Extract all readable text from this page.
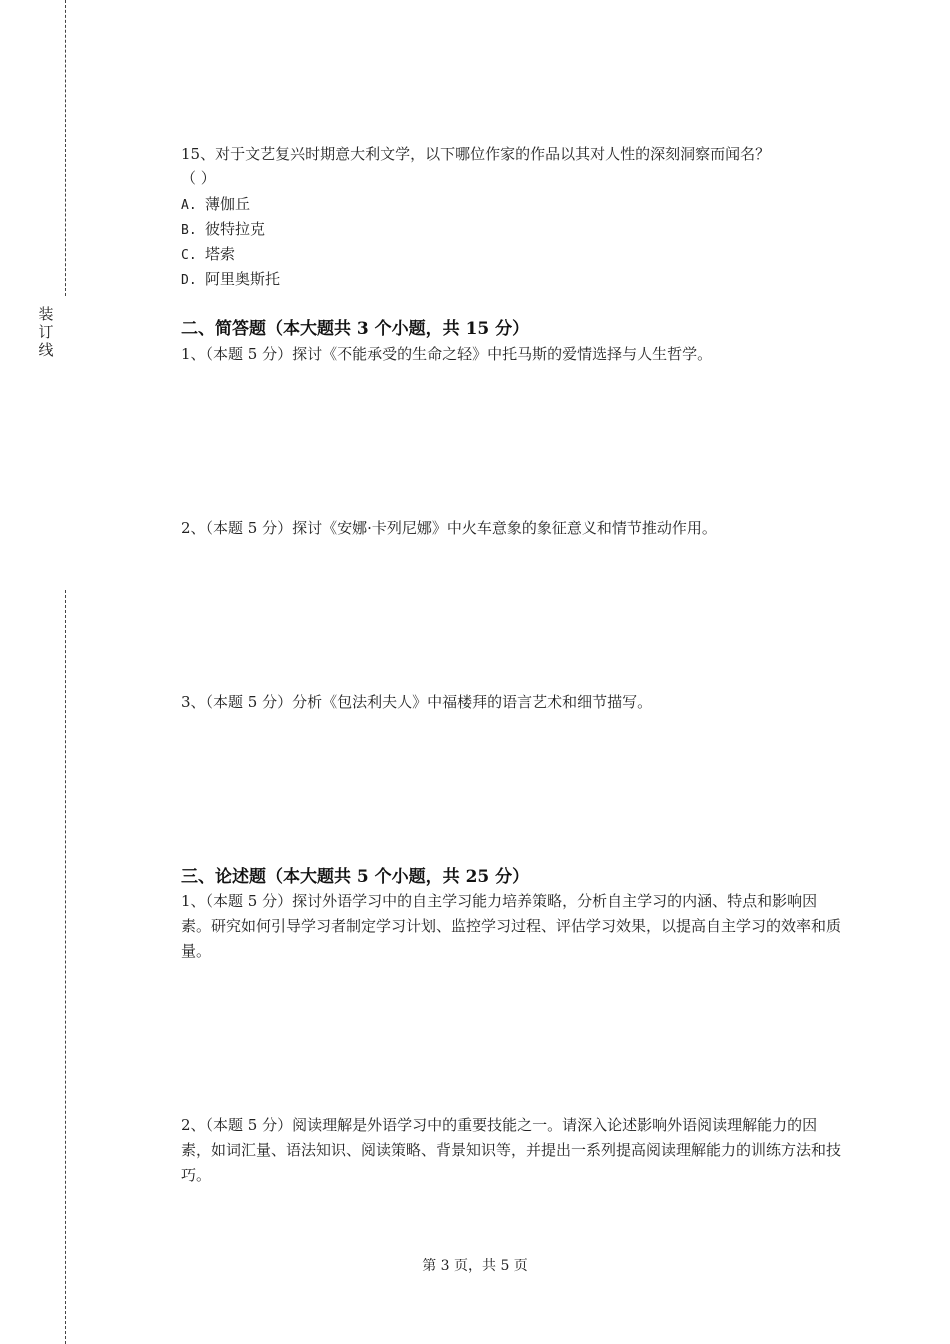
装订线
15、对于文艺复兴时期意大利文学，以下哪位作家的作品以其对人性的深刻洞察而闻名？
（ ）
A. 薄伽丘
B. 彼特拉克
C. 塔索
D. 阿里奥斯托
二、简答题（本大题共 3 个小题，共 15 分）
1、（本题 5 分）探讨《不能承受的生命之轻》中托马斯的爱情选择与人生哲学。
2、（本题 5 分）探讨《安娜·卡列尼娜》中火车意象的象征意义和情节推动作用。
3、（本题 5 分）分析《包法利夫人》中福楼拜的语言艺术和细节描写。
三、论述题（本大题共 5 个小题，共 25 分）
1、（本题 5 分）探讨外语学习中的自主学习能力培养策略，分析自主学习的内涵、特点和影响因素。研究如何引导学习者制定学习计划、监控学习过程、评估学习效果，以提高自主学习的效率和质量。
2、（本题 5 分）阅读理解是外语学习中的重要技能之一。请深入论述影响外语阅读理解能力的因素，如词汇量、语法知识、阅读策略、背景知识等，并提出一系列提高阅读理解能力的训练方法和技巧。
第 3 页，共 5 页
